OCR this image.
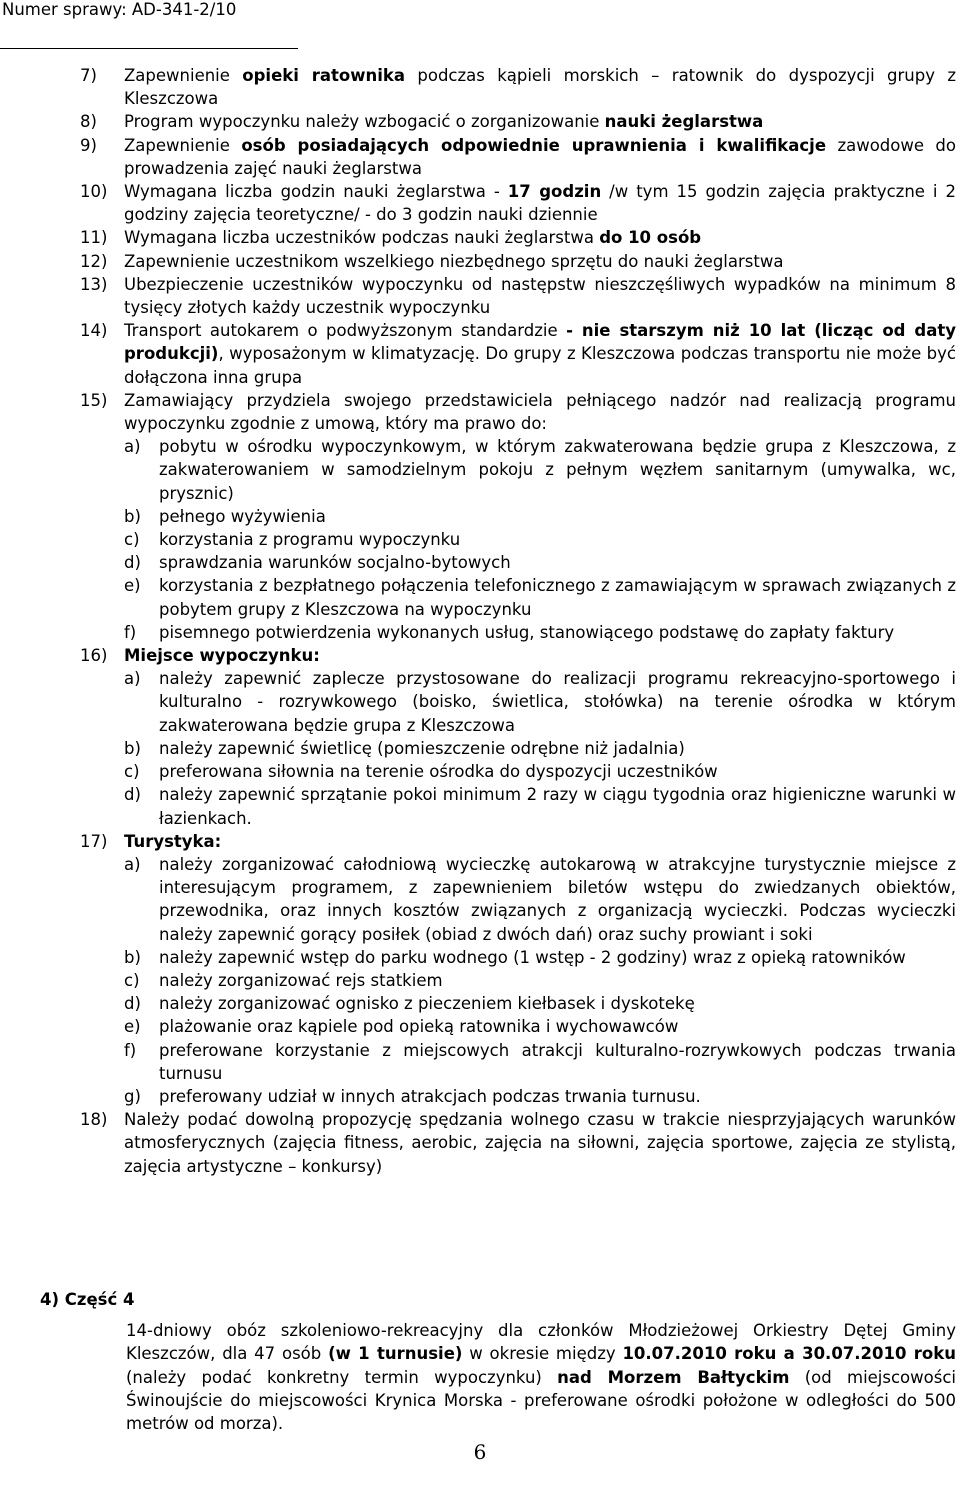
Numer sprawy: AD-341-2/10
7)	Zapewnienie opieki ratownika podczas kąpieli morskich – ratownik do dyspozycji grupy z Kleszczowa
8)	Program wypoczynku należy wzbogacić o zorganizowanie nauki żeglarstwa
9)	Zapewnienie osób posiadających odpowiednie uprawnienia i kwalifikacje zawodowe do prowadzenia zajęć nauki żeglarstwa
10)	Wymagana liczba godzin nauki żeglarstwa - 17 godzin /w tym 15 godzin zajęcia praktyczne i 2 godziny zajęcia teoretyczne/ - do 3 godzin nauki dziennie
11)	Wymagana liczba uczestników podczas nauki żeglarstwa do 10 osób
12)	Zapewnienie uczestnikom wszelkiego niezbędnego sprzętu do nauki żeglarstwa
13)	Ubezpieczenie uczestników wypoczynku od następstw nieszczęśliwych wypadków na minimum 8 tysięcy złotych każdy uczestnik wypoczynku
14)	Transport autokarem o podwyższonym standardzie - nie starszym niż 10 lat (licząc od daty produkcji), wyposażonym w klimatyzację. Do grupy z Kleszczowa podczas transportu nie może być dołączona inna grupa
15)	Zamawiający przydziela swojego przedstawiciela pełniącego nadzór nad realizacją programu wypoczynku zgodnie z umową, który ma prawo do:
a)	pobytu w ośrodku wypoczynkowym, w którym zakwaterowana będzie grupa z Kleszczowa, z zakwaterowaniem w samodzielnym pokoju z pełnym węzłem sanitarnym (umywalka, wc, prysznic)
b)	pełnego wyżywienia
c)	korzystania z programu wypoczynku
d)	sprawdzania warunków socjalno-bytowych
e)	korzystania z bezpłatnego połączenia telefonicznego z zamawiającym w sprawach związanych z pobytem grupy z Kleszczowa na wypoczynku
f)	pisemnego potwierdzenia wykonanych usług, stanowiącego podstawę do zapłaty faktury
16)	Miejsce wypoczynku:
a)	należy zapewnić zaplecze przystosowane do realizacji programu rekreacyjno-sportowego i kulturalno - rozrywkowego (boisko, świetlica, stołówka) na terenie ośrodka w którym zakwaterowana będzie grupa z Kleszczowa
b)	należy zapewnić świetlicę (pomieszczenie odrębne niż jadalnia)
c)	preferowana siłownia na terenie ośrodka do dyspozycji uczestników
d)	należy zapewnić sprzątanie pokoi minimum 2 razy w ciągu tygodnia oraz higieniczne warunki w łazienkach.
17)	Turystyka:
a)	należy zorganizować całodniową wycieczkę autokarową w atrakcyjne turystycznie miejsce z interesującym programem, z zapewnieniem biletów wstępu do zwiedzanych obiektów, przewodnika, oraz innych kosztów związanych z organizacją wycieczki. Podczas wycieczki należy zapewnić gorący posiłek (obiad z dwóch dań) oraz suchy prowiant i soki
b)	należy zapewnić wstęp do parku wodnego (1 wstęp - 2 godziny) wraz z opieką ratowników
c)	należy zorganizować rejs statkiem
d)	należy zorganizować ognisko z pieczeniem kiełbasek i dyskotekę
e)	plażowanie oraz kąpiele pod opieką ratownika i wychowawców
f)	preferowane korzystanie z miejscowych atrakcji kulturalno-rozrywkowych podczas trwania turnusu
g)	preferowany udział w innych atrakcjach podczas trwania turnusu.
18)	Należy podać dowolną propozycję spędzania wolnego czasu w trakcie niesprzyjających warunków atmosferycznych (zajęcia fitness, aerobic, zajęcia na siłowni, zajęcia sportowe, zajęcia ze stylistą, zajęcia artystyczne – konkursy)
4) Część 4
14-dniowy obóz szkoleniowo-rekreacyjny dla członków Młodzieżowej Orkiestry Dętej Gminy Kleszczów, dla 47 osób (w 1 turnusie) w okresie między 10.07.2010 roku a 30.07.2010 roku (należy podać konkretny termin wypoczynku) nad Morzem Bałtyckim (od miejscowości Świnoujście do miejscowości Krynica Morska - preferowane ośrodki położone w odległości do 500 metrów od morza).
6
